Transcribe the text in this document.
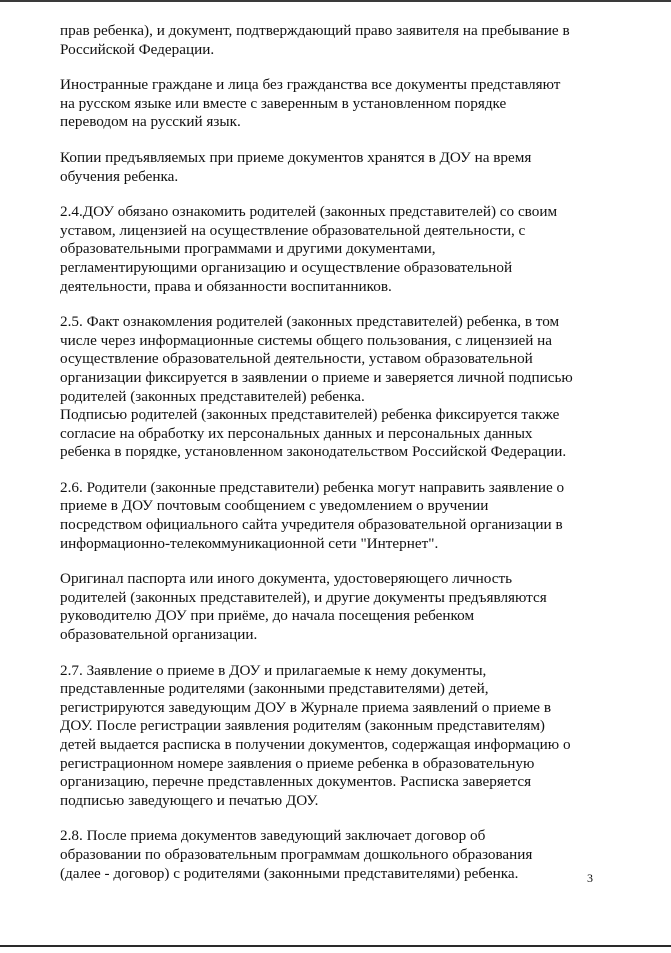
прав ребенка), и документ, подтверждающий право заявителя на пребывание в
Российской Федерации.

Иностранные граждане и лица без гражданства все документы представляют
на русском языке или вместе с заверенным в установленном порядке
переводом на русский язык.

Копии предъявляемых при приеме документов хранятся в ДОУ на время
обучения ребенка.

2.4.ДОУ обязано ознакомить родителей (законных представителей) со своим
уставом, лицензией на осуществление образовательной деятельности, с
образовательными программами и другими документами,
регламентирующими организацию и осуществление образовательной
деятельности, права и обязанности воспитанников.

2.5. Факт ознакомления родителей (законных представителей) ребенка, в том
числе через информационные системы общего пользования, с лицензией на
осуществление образовательной деятельности, уставом образовательной
организации фиксируется в заявлении о приеме и заверяется личной подписью
родителей (законных представителей) ребенка.
Подписью родителей (законных представителей) ребенка фиксируется также
согласие на обработку их персональных данных и персональных данных
ребенка в порядке, установленном законодательством Российской Федерации.

2.6. Родители (законные представители) ребенка могут направить заявление о
приеме в ДОУ почтовым сообщением с уведомлением о вручении
посредством официального сайта учредителя образовательной организации в
информационно-телекоммуникационной сети "Интернет".

Оригинал паспорта или иного документа, удостоверяющего личность
родителей (законных представителей), и другие документы предъявляются
руководителю ДОУ при приёме, до начала посещения ребенком
образовательной организации.

2.7. Заявление о приеме в ДОУ и прилагаемые к нему документы,
представленные родителями (законными представителями) детей,
регистрируются заведующим ДОУ в Журнале приема заявлений о приеме в
ДОУ. После регистрации заявления родителям (законным представителям)
детей выдается расписка в получении документов, содержащая информацию о
регистрационном номере заявления о приеме ребенка в образовательную
организацию, перечне представленных документов. Расписка заверяется
подписью заведующего и печатью ДОУ.

2.8. После приема документов заведующий заключает договор об
образовании по образовательным программам дошкольного образования
(далее - договор) с родителями (законными представителями) ребенка.	3
